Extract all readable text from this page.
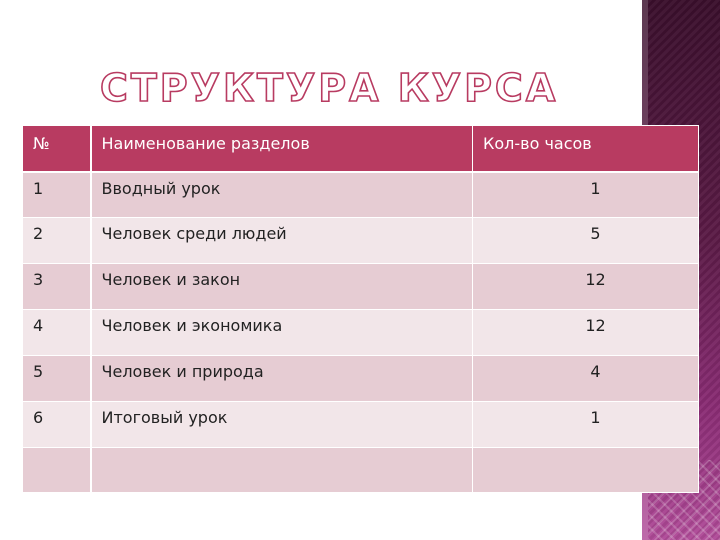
СТРУКТУРА КУРСА
№	Наименование разделов	Кол-во часов
1	Вводный урок	1
2	Человек среди людей	5
3	Человек и закон	12
4	Человек и экономика	12
5	Человек и природа	4
6	Итоговый урок	1
